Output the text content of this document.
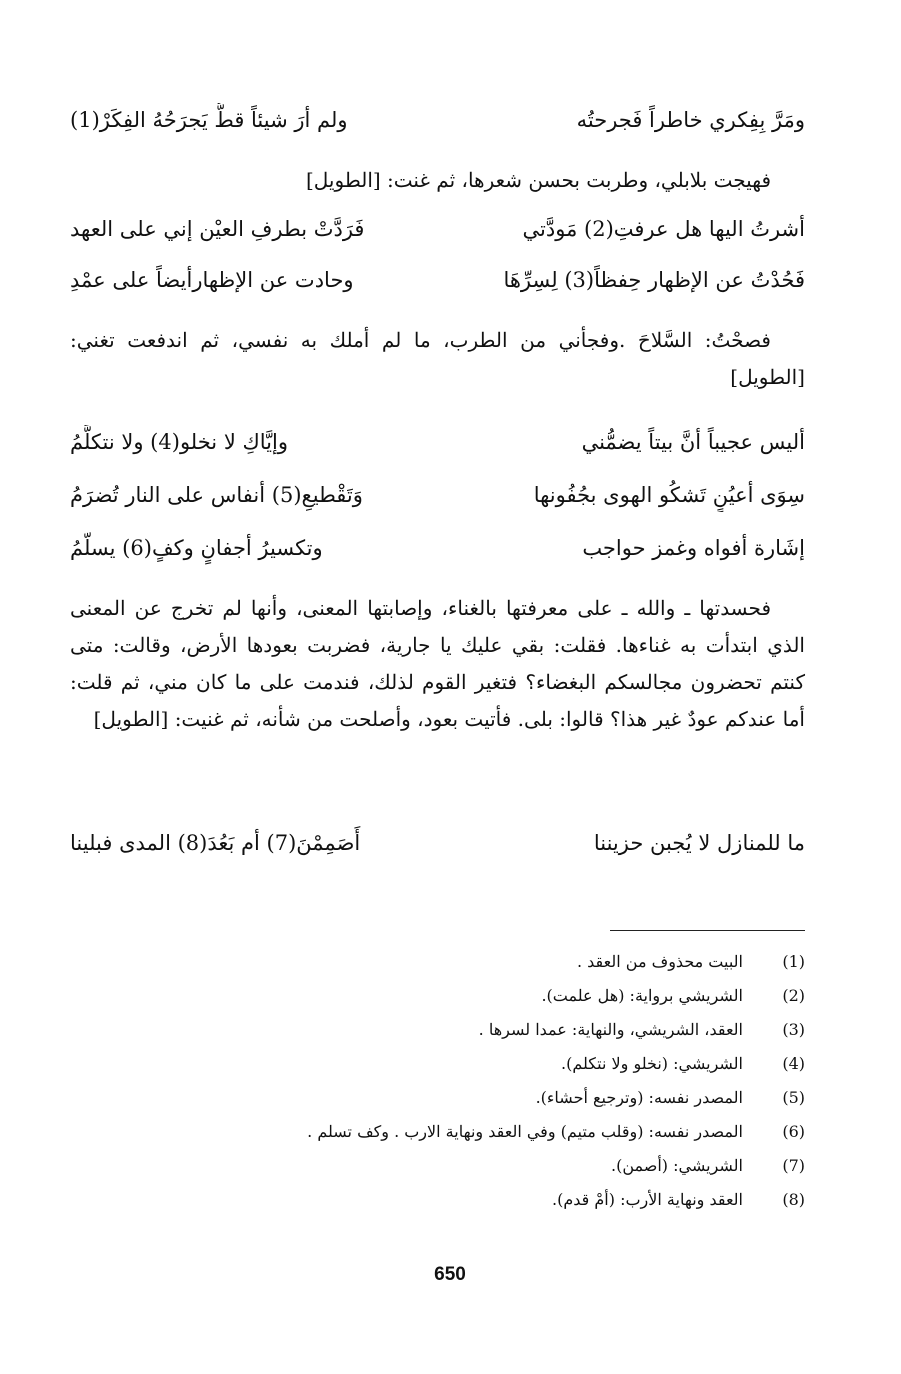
ومَرَّ بِفِكري خاطراً فَجرحتُه
ولم أرَ شيئاً قطُّ يَجرَحُهُ الفِكَرْ(1)
فهيجت بلابلي، وطربت بحسن شعرها، ثم غنت: [الطويل]
أشرتُ اليها هل عرفتِ(2) مَودَّتي
فَرَدَّتْ بطرفِ العيْن إني على العهد
فَحُدْتُ عن الإظهار حِفظاً(3) لِسِرِّهَا
وحادت عن الإظهارأيضاً على عمْدِ
فصحْتُ: السَّلاحَ .وفجأني من الطرب، ما لم أملك به نفسي، ثم اندفعت تغني: [الطويل]
أليس عجيباً أنَّ بيتاً يضمُّني
وإيَّاكِ لا نخلو(4) ولا نتكلَّمُ
سِوَى أعيُنٍ تَشكُو الهوى بجُفُونها
وَتَقْطيعِ(5) أنفاس على النار تُضرَمُ
إشَارة أفواه وغمز حواجب
وتكسيرُ أجفانٍ وكفٍ(6) يسلّمُ
فحسدتها ـ والله ـ على معرفتها بالغناء، وإصابتها المعنى، وأنها لم تخرج عن المعنى الذي ابتدأت به غناءها. فقلت: بقي عليك يا جارية، فضربت بعودها الأرض، وقالت: متى كنتم تحضرون مجالسكم البغضاء؟ فتغير القوم لذلك، فندمت على ما كان مني، ثم قلت: أما عندكم عودٌ غير هذا؟ قالوا: بلى. فأتيت بعود، وأصلحت من شأنه، ثم غنيت: [الطويل]
ما للمنازل لا يُجبن حزيننا
أَصَمِمْنَ(7) أم بَعُدَ(8) المدى فبلينا
(1)
البيت محذوف من العقد .
(2)
الشريشي برواية: (هل علمت).
(3)
العقد، الشريشي، والنهاية: عمدا لسرها .
(4)
الشريشي: (نخلو ولا نتكلم).
(5)
المصدر نفسه: (وترجيع أحشاء).
(6)
المصدر نفسه: (وقلب متيم) وفي العقد ونهاية الارب . وكف تسلم .
(7)
الشريشي: (أصمن).
(8)
العقد ونهاية الأرب: (أمْ قدم).
650
